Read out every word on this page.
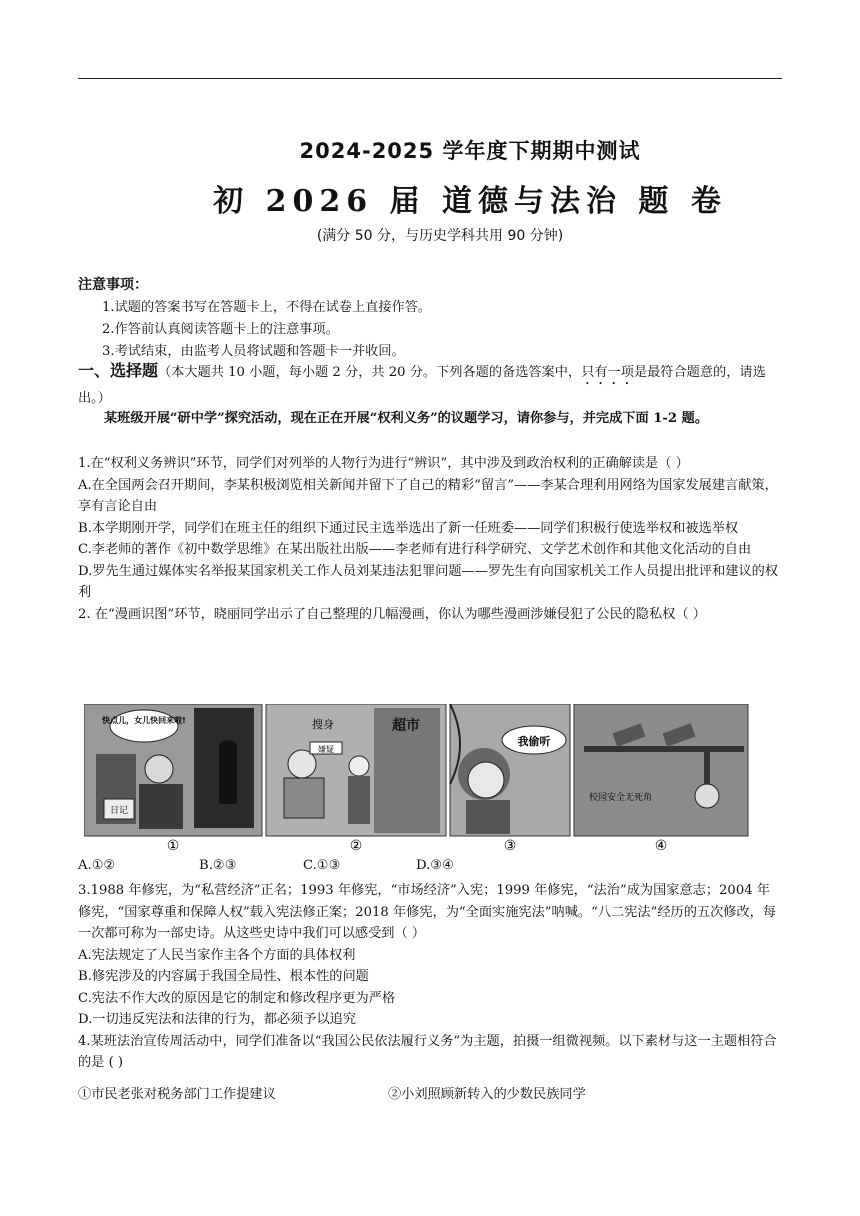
2024-2025 学年度下期期中测试
初 2026 届 道德与法治 题 卷
(满分 50 分，与历史学科共用 90 分钟)
注意事项：
1.试题的答案书写在答题卡上，不得在试卷上直接作答。
2.作答前认真阅读答题卡上的注意事项。
3.考试结束，由监考人员将试题和答题卡一并收回。
一、选择题（本大题共 10 小题，每小题 2 分，共 20 分。下列各题的备选答案中，只有一项是最符合题意的，请选出。）
某班级开展“研中学”探究活动，现在正在开展“权利义务”的议题学习，请你参与，并完成下面 1-2 题。

1.在“权利义务辨识”环节，同学们对列举的人物行为进行“辨识”，其中涉及到政治权利的正确解读是（ ）

A.在全国两会召开期间，李某积极浏览相关新闻并留下了自己的精彩“留言”——李某合理利用网络为国家发展建言献策，享有言论自由

B.本学期刚开学，同学们在班主任的组织下通过民主选举选出了新一任班委——同学们积极行使选举权和被选举权

C.李老师的著作《初中数学思维》在某出版社出版——李老师有进行科学研究、文学艺术创作和其他文化活动的自由

D.罗先生通过媒体实名举报某国家机关工作人员刘某违法犯罪问题——罗先生有向国家机关工作人员提出批评和建议的权利

2. 在“漫画识图”环节，晓丽同学出示了自己整理的几幅漫画，你认为哪些漫画涉嫌侵犯了公民的隐私权（ ）

快点儿，女儿快回来啦!
日记
超市
搜身
嫌疑
我偷听
校园安全无死角
①	②	③	④
A.①②	B.②③	C.①③	D.③④

3.1988 年修宪，为“私营经济”正名；1993 年修宪，“市场经济”入宪；1999 年修宪，“法治”成为国家意志；2004 年修宪，“国家尊重和保障人权”载入宪法修正案；2018 年修宪，为“全面实施宪法”呐喊。“八二宪法”经历的五次修改，每一次都可称为一部史诗。从这些史诗中我们可以感受到（ ）

A.宪法规定了人民当家作主各个方面的具体权利

B.修宪涉及的内容属于我国全局性、根本性的问题

C.宪法不作大改的原因是它的制定和修改程序更为严格

D.一切违反宪法和法律的行为，都必须予以追究

4.某班法治宣传周活动中，同学们准备以“我国公民依法履行义务”为主题，拍摄一组微视频。以下素材与这一主题相符合的是 ( )

①市民老张对税务部门工作提建议	②小刘照顾新转入的少数民族同学
